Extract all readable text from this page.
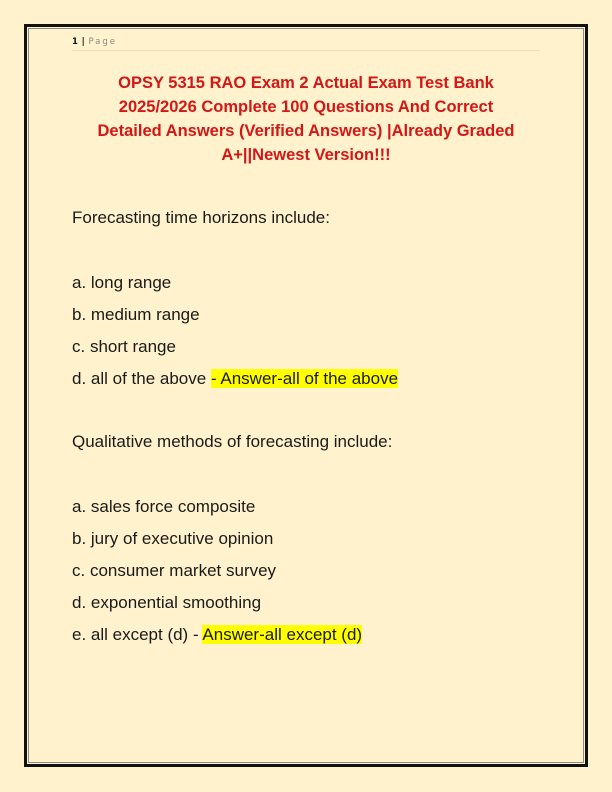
1 | Page
OPSY 5315 RAO Exam 2 Actual Exam Test Bank
2025/2026 Complete 100 Questions And Correct
Detailed Answers (Verified Answers) |Already Graded
A+||Newest Version!!!
Forecasting time horizons include:
a. long range
b. medium range
c. short range
d. all of the above - Answer-all of the above
Qualitative methods of forecasting include:
a. sales force composite
b. jury of executive opinion
c. consumer market survey
d. exponential smoothing
e. all except (d) - Answer-all except (d)
